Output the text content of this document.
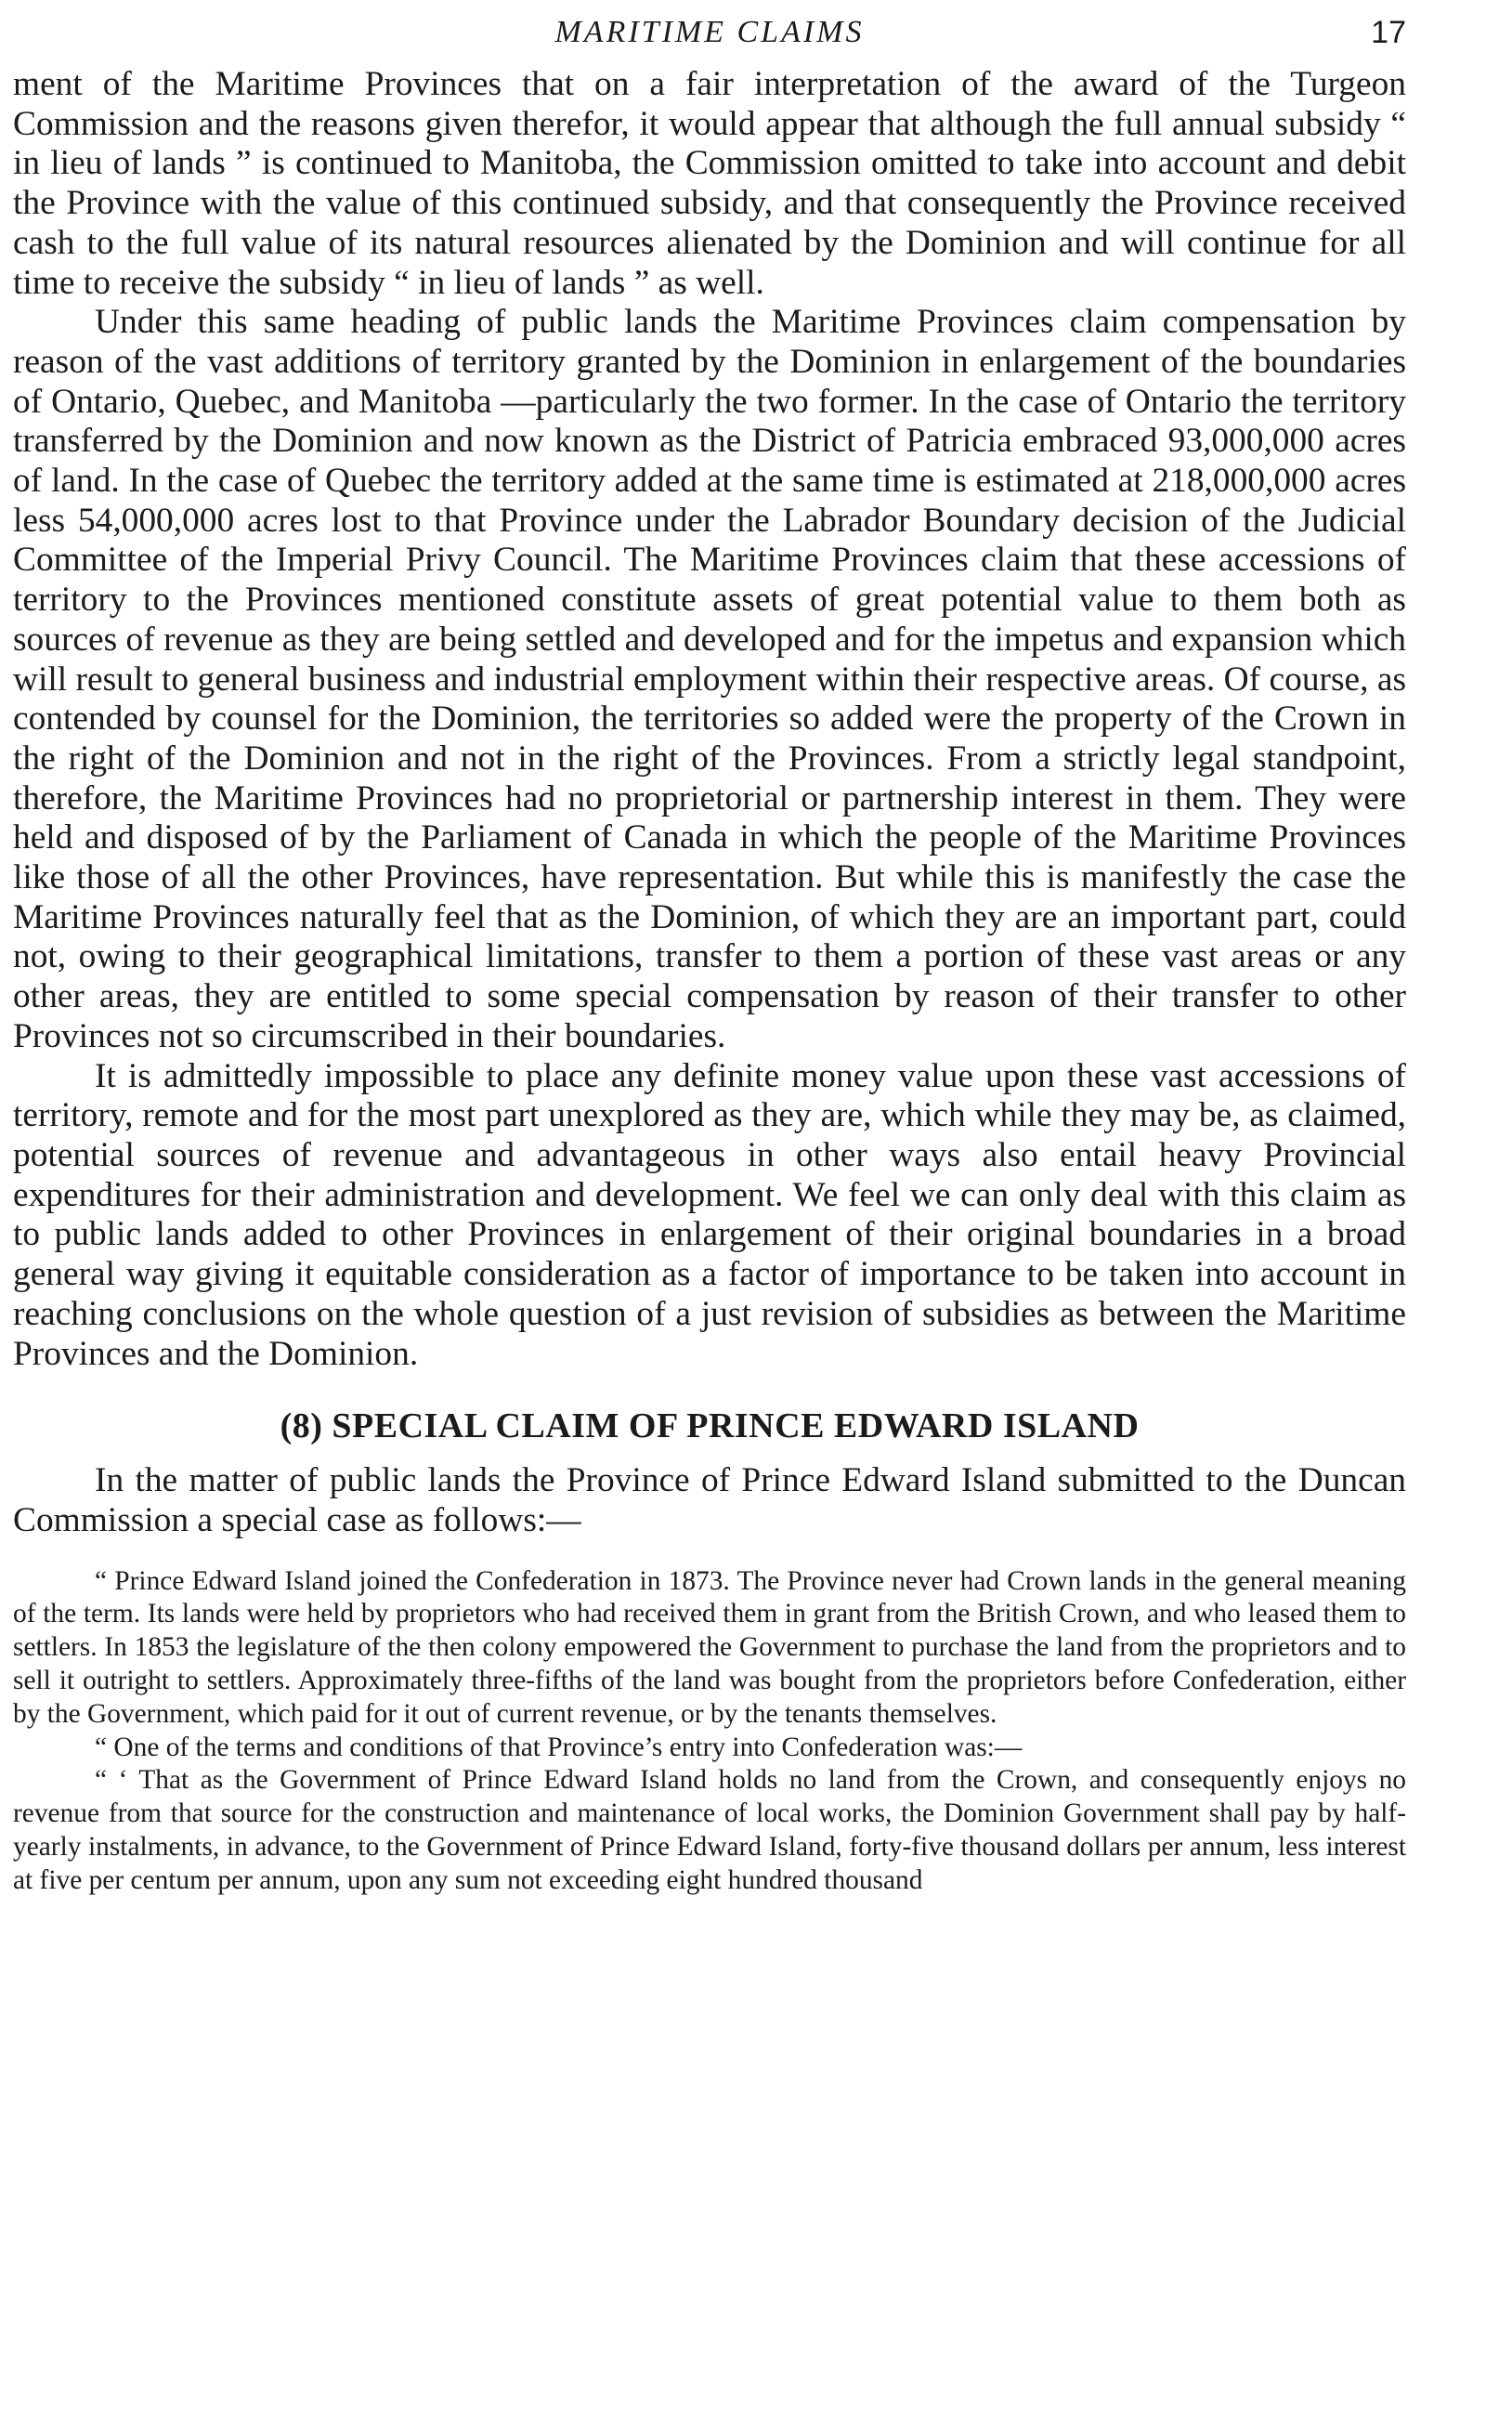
MARITIME CLAIMS	17

ment of the Maritime Provinces that on a fair interpretation of the award of the Turgeon Commission and the reasons given therefor, it would appear that although the full annual subsidy “ in lieu of lands ” is continued to Manitoba, the Commission omitted to take into account and debit the Province with the value of this continued subsidy, and that consequently the Province received cash to the full value of its natural resources alienated by the Dominion and will continue for all time to receive the subsidy “ in lieu of lands ” as well.

Under this same heading of public lands the Maritime Provinces claim compensation by reason of the vast additions of territory granted by the Dominion in enlargement of the boundaries of Ontario, Quebec, and Manitoba —particularly the two former. In the case of Ontario the territory transferred by the Dominion and now known as the District of Patricia embraced 93,000,000 acres of land. In the case of Quebec the territory added at the same time is estimated at 218,000,000 acres less 54,000,000 acres lost to that Province under the Labrador Boundary decision of the Judicial Committee of the Imperial Privy Council. The Maritime Provinces claim that these accessions of territory to the Provinces mentioned constitute assets of great potential value to them both as sources of revenue as they are being settled and developed and for the impetus and expansion which will result to general business and industrial employment within their respective areas. Of course, as contended by counsel for the Dominion, the territories so added were the property of the Crown in the right of the Dominion and not in the right of the Provinces. From a strictly legal standpoint, therefore, the Maritime Provinces had no proprietorial or partnership interest in them. They were held and disposed of by the Parliament of Canada in which the people of the Maritime Provinces like those of all the other Provinces, have representation. But while this is manifestly the case the Maritime Provinces naturally feel that as the Dominion, of which they are an important part, could not, owing to their geographical limitations, transfer to them a portion of these vast areas or any other areas, they are entitled to some special compensation by reason of their transfer to other Provinces not so circumscribed in their boundaries.

It is admittedly impossible to place any definite money value upon these vast accessions of territory, remote and for the most part unexplored as they are, which while they may be, as claimed, potential sources of revenue and advantageous in other ways also entail heavy Provincial expenditures for their administration and development. We feel we can only deal with this claim as to public lands added to other Provinces in enlargement of their original boundaries in a broad general way giving it equitable consideration as a factor of importance to be taken into account in reaching conclusions on the whole question of a just revision of subsidies as between the Maritime Provinces and the Dominion.

(8) SPECIAL CLAIM OF PRINCE EDWARD ISLAND

In the matter of public lands the Province of Prince Edward Island submitted to the Duncan Commission a special case as follows:—

“ Prince Edward Island joined the Confederation in 1873. The Province never had Crown lands in the general meaning of the term. Its lands were held by proprietors who had received them in grant from the British Crown, and who leased them to settlers. In 1853 the legislature of the then colony empowered the Government to purchase the land from the proprietors and to sell it outright to settlers. Approximately three-fifths of the land was bought from the proprietors before Confederation, either by the Government, which paid for it out of current revenue, or by the tenants themselves.

“ One of the terms and conditions of that Province’s entry into Confederation was:—

“ ‘ That as the Government of Prince Edward Island holds no land from the Crown, and consequently enjoys no revenue from that source for the construction and maintenance of local works, the Dominion Government shall pay by half-yearly instalments, in advance, to the Government of Prince Edward Island, forty-five thousand dollars per annum, less interest at five per centum per annum, upon any sum not exceeding eight hundred thousand
